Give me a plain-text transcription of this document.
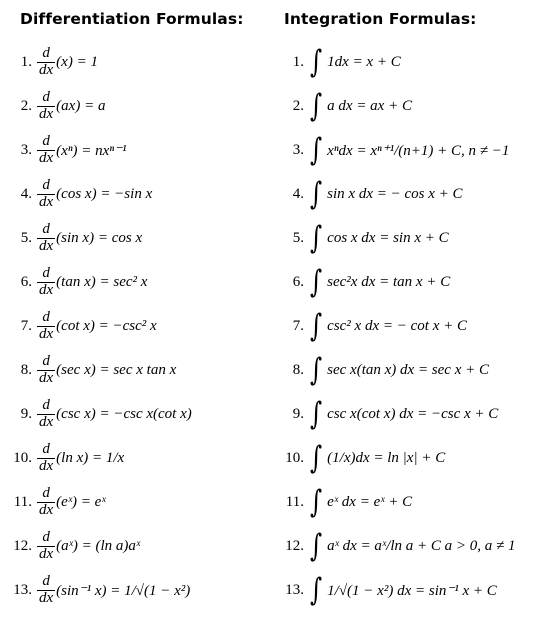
Differentiation Formulas:	Integration Formulas:
1. $\frac{d}{dx} (x) = 1$
2. $\frac{d}{dx} (ax) = a$
3. $\frac{d}{dx} (x^n) = nx^{n-1}$
4. $\frac{d}{dx} (\cos$ x) = −sin x
5. $\frac{d}{dx} (\sin$ x) = cos x
6. $\frac{d}{dx} (\tan$ x) = sec² x
7. $\frac{d}{dx} (\cot$ x) = −csc² x
8. $\frac{d}{dx} (\sec$ x) = sec x tan x
9. $\frac{d}{dx} (\csc$ x) = −csc x(cot x)
10. $\frac{d}{dx} (\ln$ x) = 1/x
11. $\frac{d}{dx}$ (eˣ) = eˣ
12. $\frac{d}{dx}$ (aˣ) = (ln a)aˣ
13. $\frac{d}{dx} (\sin^{-1}$ x) = 1/√(1 − x²)
1. ∫ 1dx = x + C
2. ∫ a dx = ax + C
3. ∫ xⁿdx = xⁿ⁺¹/(n+1) + C, n ≠ −1
4. ∫ sin x dx = − cos x + C
5. ∫ cos x dx = sin x + C
6. ∫ sec²x dx = tan x + C
7. ∫ csc² x dx = − cot x + C
8. ∫ sec x(tan x) dx = sec x + C
9. ∫ csc x(cot x) dx = −csc x + C
10. ∫ (1/x)dx = ln |x| + C
11. ∫ eˣ dx = eˣ + C
12. ∫ aˣ dx = aˣ/ln a + C a > 0, a ≠ 1
13. ∫ 1/√(1 − x²) dx = sin⁻¹ x + C
